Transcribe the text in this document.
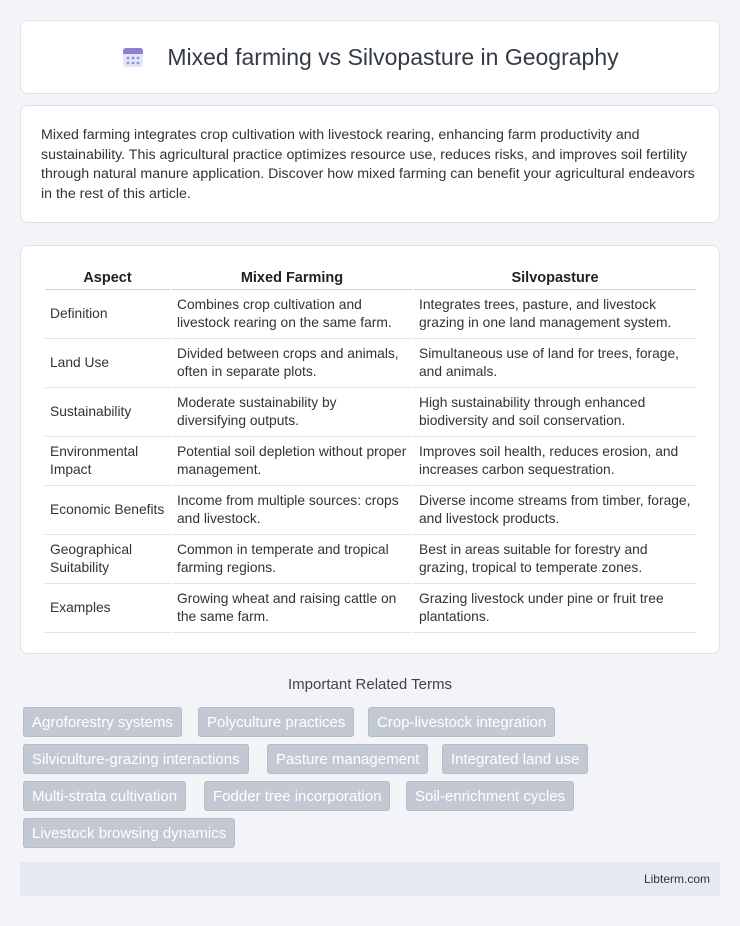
Mixed farming vs Silvopasture in Geography

Mixed farming integrates crop cultivation with livestock rearing, enhancing farm productivity and sustainability. This agricultural practice optimizes resource use, reduces risks, and improves soil fertility through natural manure application. Discover how mixed farming can benefit your agricultural endeavors in the rest of this article.

Aspect	Mixed Farming	Silvopasture
Definition	Combines crop cultivation and livestock rearing on the same farm.	Integrates trees, pasture, and livestock grazing in one land management system.
Land Use	Divided between crops and animals, often in separate plots.	Simultaneous use of land for trees, forage, and animals.
Sustainability	Moderate sustainability by diversifying outputs.	High sustainability through enhanced biodiversity and soil conservation.
Environmental Impact	Potential soil depletion without proper management.	Improves soil health, reduces erosion, and increases carbon sequestration.
Economic Benefits	Income from multiple sources: crops and livestock.	Diverse income streams from timber, forage, and livestock products.
Geographical Suitability	Common in temperate and tropical farming regions.	Best in areas suitable for forestry and grazing, tropical to temperate zones.
Examples	Growing wheat and raising cattle on the same farm.	Grazing livestock under pine or fruit tree plantations.
Important Related Terms
Agroforestry systems	Polyculture practices	Crop-livestock integration
Silviculture-grazing interactions	Pasture management	Integrated land use
Multi-strata cultivation	Fodder tree incorporation	Soil-enrichment cycles
Livestock browsing dynamics
Libterm.com
